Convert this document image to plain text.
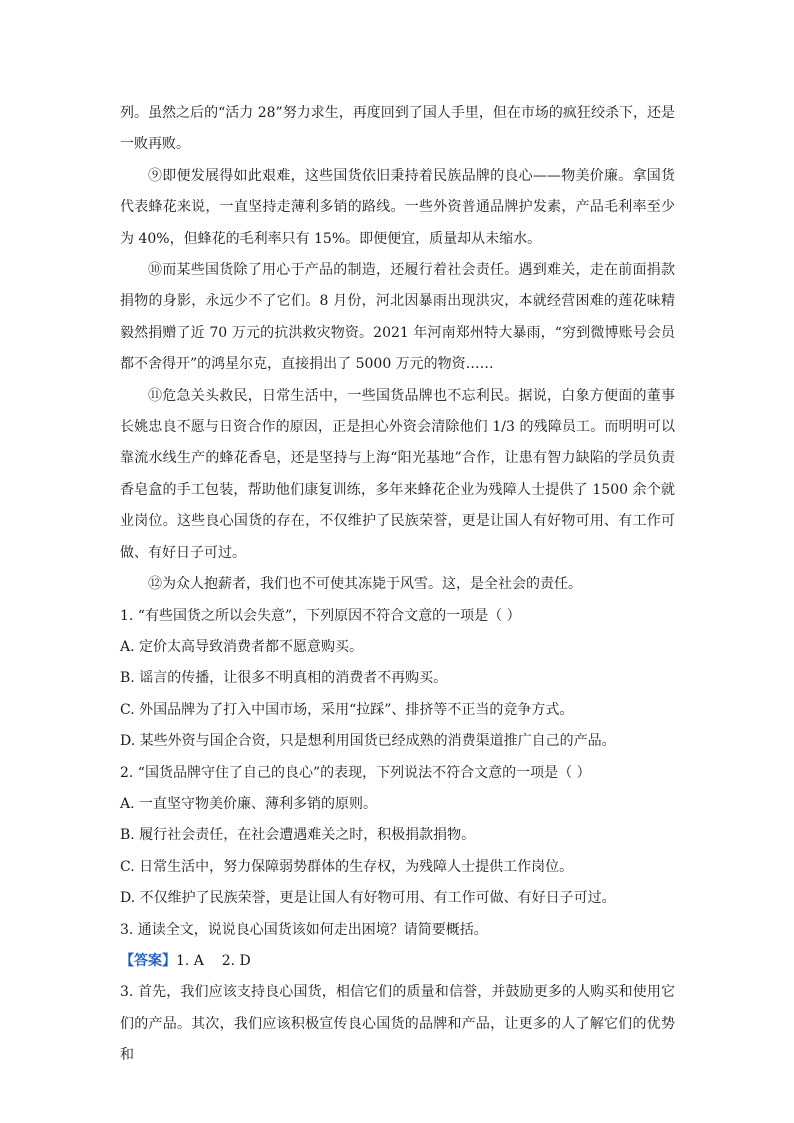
列。虽然之后的“活力 28”努力求生，再度回到了国人手里，但在市场的疯狂绞杀下，还是一败再败。

⑨即便发展得如此艰难，这些国货依旧秉持着民族品牌的良心——物美价廉。拿国货代表蜂花来说，一直坚持走薄利多销的路线。一些外资普通品牌护发素，产品毛利率至少为 40%，但蜂花的毛利率只有 15%。即便便宜，质量却从未缩水。

⑩而某些国货除了用心于产品的制造，还履行着社会责任。遇到难关，走在前面捐款捐物的身影，永远少不了它们。8 月份，河北因暴雨出现洪灾，本就经营困难的莲花味精毅然捐赠了近 70 万元的抗洪救灾物资。2021 年河南郑州特大暴雨，“穷到微博账号会员都不舍得开”的鸿星尔克，直接捐出了 5000 万元的物资……

⑪危急关头救民，日常生活中，一些国货品牌也不忘利民。据说，白象方便面的董事长姚忠良不愿与日资合作的原因，正是担心外资会清除他们 1/3 的残障员工。而明明可以靠流水线生产的蜂花香皂，还是坚持与上海“阳光基地”合作，让患有智力缺陷的学员负责香皂盒的手工包装，帮助他们康复训练，多年来蜂花企业为残障人士提供了 1500 余个就业岗位。这些良心国货的存在，不仅维护了民族荣誉，更是让国人有好物可用、有工作可做、有好日子可过。

⑫为众人抱薪者，我们也不可使其冻毙于风雪。这，是全社会的责任。

1. “有些国货之所以会失意”，下列原因不符合文意的一项是（ ）

A. 定价太高导致消费者都不愿意购买。

B. 谣言的传播，让很多不明真相的消费者不再购买。

C. 外国品牌为了打入中国市场，采用“拉踩”、排挤等不正当的竞争方式。

D. 某些外资与国企合资，只是想利用国货已经成熟的消费渠道推广自己的产品。

2. “国货品牌守住了自己的良心”的表现，下列说法不符合文意的一项是（ ）

A. 一直坚守物美价廉、薄利多销的原则。

B. 履行社会责任，在社会遭遇难关之时，积极捐款捐物。

C. 日常生活中，努力保障弱势群体的生存权，为残障人士提供工作岗位。

D. 不仅维护了民族荣誉，更是让国人有好物可用、有工作可做、有好日子可过。

3. 通读全文，说说良心国货该如何走出困境？请简要概括。

【答案】1. A    2. D

3. 首先，我们应该支持良心国货，相信它们的质量和信誉，并鼓励更多的人购买和使用它们的产品。其次，我们应该积极宣传良心国货的品牌和产品，让更多的人了解它们的优势和
